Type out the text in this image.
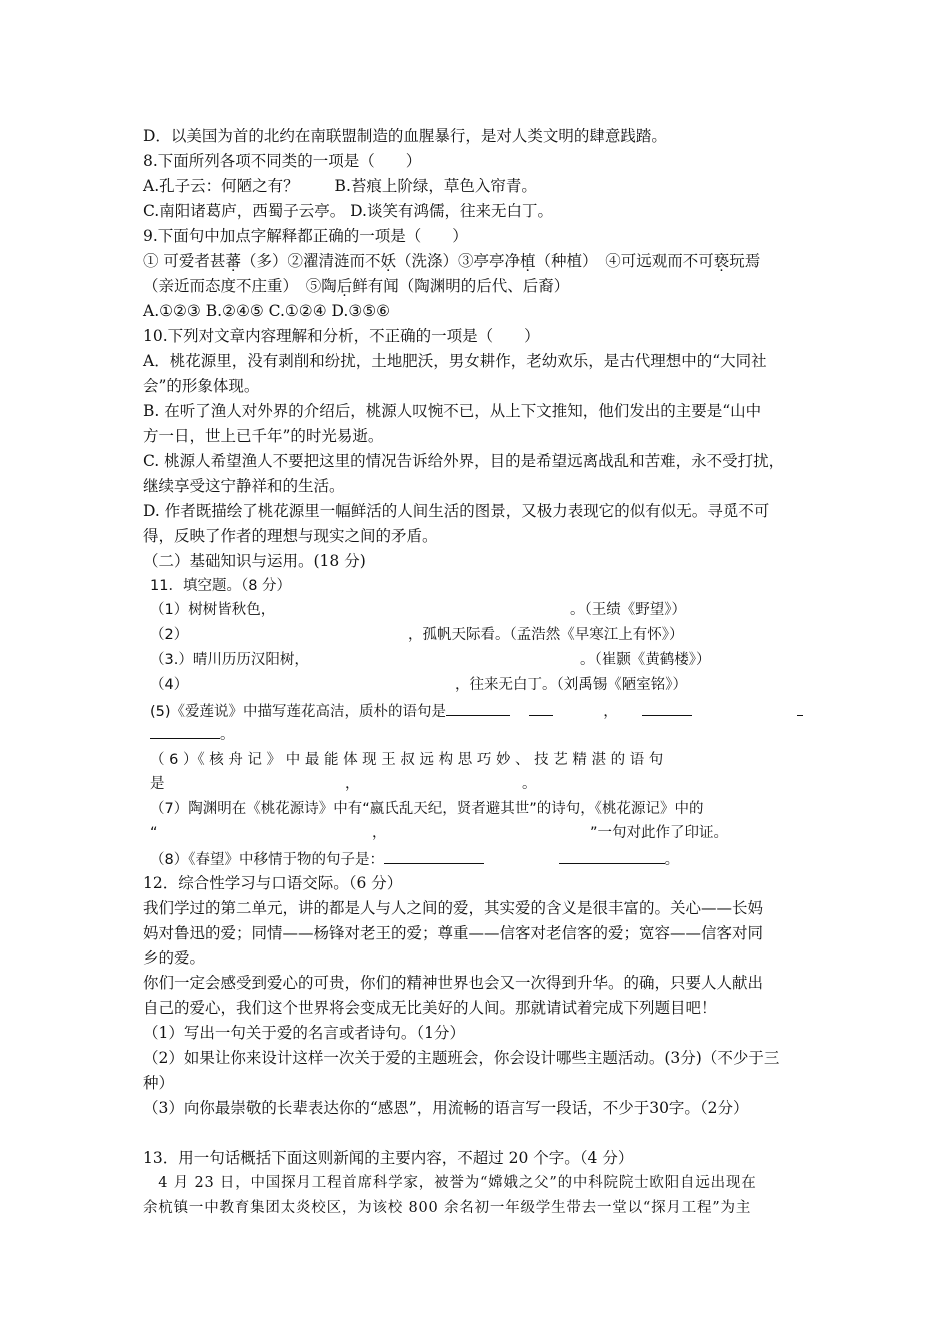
D．以美国为首的北约在南联盟制造的血腥暴行，是对人类文明的肆意践踏。
8.下面所列各项不同类的一项是（　　）
A.孔子云：何陋之有？　　 B.苔痕上阶绿，草色入帘青。
C.南阳诸葛庐，西蜀子云亭。 D.谈笑有鸿儒，往来无白丁。
9.下面句中加点字解释都正确的一项是（　　）
① 可爱者甚蕃（多）②濯清涟而不妖（洗涤）③亭亭净植（种植）　④可远观而不可亵玩焉
（亲近而态度不庄重）　⑤陶后鲜有闻（陶渊明的后代、后裔）
A.①②③ B.②④⑤ C.①②④ D.③⑤⑥
10.下列对文章内容理解和分析，不正确的一项是（　　）
A．桃花源里，没有剥削和纷扰，土地肥沃，男女耕作，老幼欢乐，是古代理想中的“大同社
会”的形象体现。
B. 在听了渔人对外界的介绍后，桃源人叹惋不已，从上下文推知，他们发出的主要是“山中
方一日，世上已千年”的时光易逝。
C. 桃源人希望渔人不要把这里的情况告诉给外界，目的是希望远离战乱和苦难，永不受打扰，
继续享受这宁静祥和的生活。
D. 作者既描绘了桃花源里一幅鲜活的人间生活的图景，又极力表现它的似有似无。寻觅不可
得，反映了作者的理想与现实之间的矛盾。
（二）基础知识与运用。(18 分)
11．填空题。（8 分）
（1）树树皆秋色，	。（王绩《野望》）
（2）	，孤帆天际看。（孟浩然《早寒江上有怀》）
（3.）晴川历历汉阳树，	。（崔颢《黄鹤楼》）
（4）	，往来无白丁。（刘禹锡《陋室铭》）
(5)《爱莲说》中描写莲花高洁，质朴的语句是	，
。
（ 6 ）《 核 舟 记 》 中 最 能 体 现 王 叔 远 构 思 巧 妙 、 技 艺 精 湛 的 语 句
是	，	。
（7）陶渊明在《桃花源诗》中有“嬴氏乱天纪，贤者避其世”的诗句，《桃花源记》中的
“	，	”一句对此作了印证。
（8）《春望》中移情于物的句子是：	。
12．综合性学习与口语交际。（6 分）
我们学过的第二单元，讲的都是人与人之间的爱，其实爱的含义是很丰富的。关心——长妈
妈对鲁迅的爱；同情——杨锋对老王的爱；尊重——信客对老信客的爱；宽容——信客对同
乡的爱。
你们一定会感受到爱心的可贵，你们的精神世界也会又一次得到升华。的确，只要人人献出
自己的爱心，我们这个世界将会变成无比美好的人间。那就请试着完成下列题目吧！
（1）写出一句关于爱的名言或者诗句。（1分）
（2）如果让你来设计这样一次关于爱的主题班会，你会设计哪些主题活动。(3分)（不少于三
种）
（3）向你最崇敬的长辈表达你的“感恩”，用流畅的语言写一段话，不少于30字。（2分）
13．用一句话概括下面这则新闻的主要内容，不超过 20 个字。（4 分）
　4 月 23 日，中国探月工程首席科学家，被誉为“嫦娥之父”的中科院院士欧阳自远出现在
余杭镇一中教育集团太炎校区，为该校 800 余名初一年级学生带去一堂以“探月工程”为主
